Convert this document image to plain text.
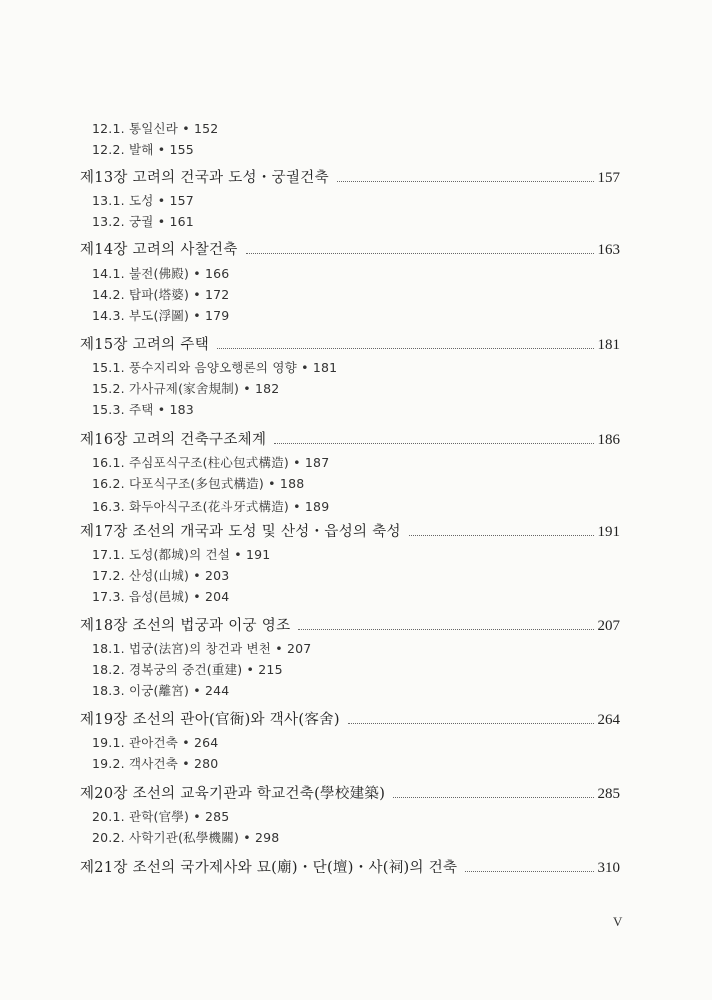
12.1. 통일신라 • 152
12.2. 발해 • 155
제13장 고려의 건국과 도성・궁궐건축	157
13.1. 도성 • 157
13.2. 궁궐 • 161
제14장 고려의 사찰건축	163
14.1. 불전(佛殿) • 166
14.2. 탑파(塔婆) • 172
14.3. 부도(浮圖) • 179
제15장 고려의 주택	181
15.1. 풍수지리와 음양오행론의 영향 • 181
15.2. 가사규제(家舍規制) • 182
15.3. 주택 • 183
제16장 고려의 건축구조체계	186
16.1. 주심포식구조(柱心包式構造) • 187
16.2. 다포식구조(多包式構造) • 188
16.3. 화두아식구조(花斗牙式構造) • 189
제17장 조선의 개국과 도성 및 산성・읍성의 축성	191
17.1. 도성(都城)의 건설 • 191
17.2. 산성(山城) • 203
17.3. 읍성(邑城) • 204
제18장 조선의 법궁과 이궁 영조	207
18.1. 법궁(法宮)의 창건과 변천 • 207
18.2. 경복궁의 중건(重建) • 215
18.3. 이궁(離宮) • 244
제19장 조선의 관아(官衙)와 객사(客舍)	264
19.1. 관아건축 • 264
19.2. 객사건축 • 280
제20장 조선의 교육기관과 학교건축(學校建築)	285
20.1. 관학(官學) • 285
20.2. 사학기관(私學機關) • 298
제21장 조선의 국가제사와 묘(廟)・단(壇)・사(祠)의 건축	310
V
